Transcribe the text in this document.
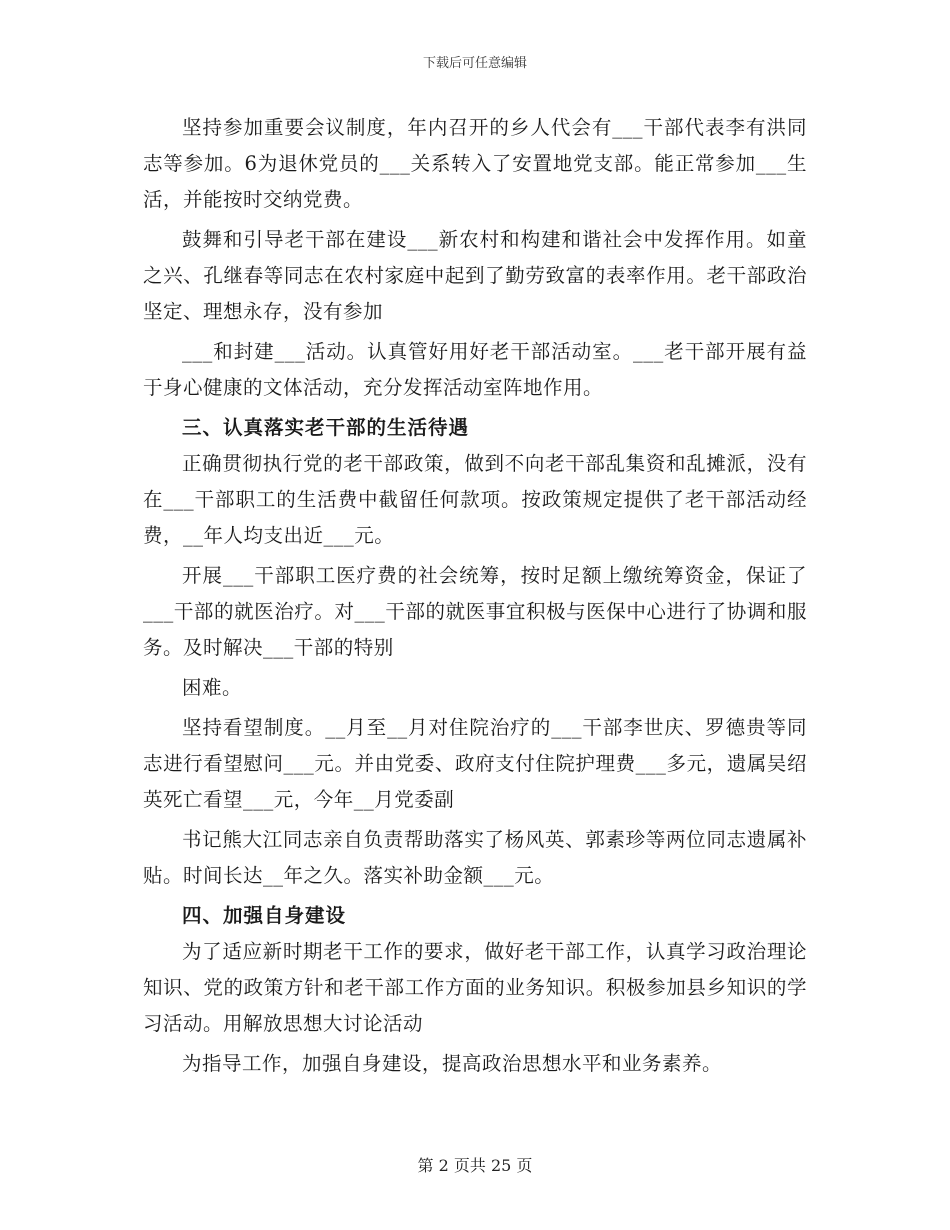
下载后可任意编辑

坚持参加重要会议制度，年内召开的乡人代会有___干部代表李有洪同志等参加。6为退休党员的___关系转入了安置地党支部。能正常参加___生活，并能按时交纳党费。

鼓舞和引导老干部在建设___新农村和构建和谐社会中发挥作用。如童之兴、孔继春等同志在农村家庭中起到了勤劳致富的表率作用。老干部政治坚定、理想永存，没有参加

___和封建___活动。认真管好用好老干部活动室。___老干部开展有益于身心健康的文体活动，充分发挥活动室阵地作用。

三、认真落实老干部的生活待遇

正确贯彻执行党的老干部政策，做到不向老干部乱集资和乱摊派，没有在___干部职工的生活费中截留任何款项。按政策规定提供了老干部活动经费，__年人均支出近___元。

开展___干部职工医疗费的社会统筹，按时足额上缴统筹资金，保证了___干部的就医治疗。对___干部的就医事宜积极与医保中心进行了协调和服务。及时解决___干部的特别

困难。

坚持看望制度。__月至__月对住院治疗的___干部李世庆、罗德贵等同志进行看望慰问___元。并由党委、政府支付住院护理费___多元，遗属吴绍英死亡看望___元，今年__月党委副

书记熊大江同志亲自负责帮助落实了杨风英、郭素珍等两位同志遗属补贴。时间长达__年之久。落实补助金额___元。

四、加强自身建设

为了适应新时期老干工作的要求，做好老干部工作，认真学习政治理论知识、党的政策方针和老干部工作方面的业务知识。积极参加县乡知识的学习活动。用解放思想大讨论活动

为指导工作，加强自身建设，提高政治思想水平和业务素养。

第 2 页共 25 页
